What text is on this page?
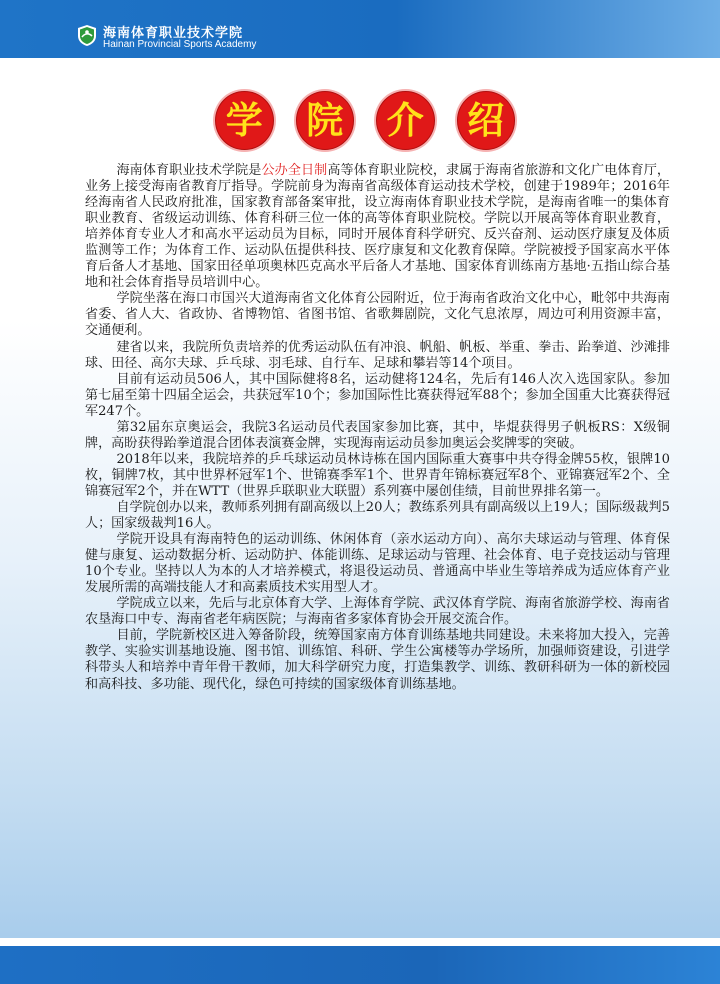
海南体育职业技术学院
Hainan Provincial Sports Academy
学 院 介 绍

海南体育职业技术学院是公办全日制高等体育职业院校，隶属于海南省旅游和文化广电体育厅，业务上接受海南省教育厅指导。学院前身为海南省高级体育运动技术学校，创建于1989年；2016年经海南省人民政府批准，国家教育部备案审批，设立海南体育职业技术学院，是海南省唯一的集体育职业教育、省级运动训练、体育科研三位一体的高等体育职业院校。学院以开展高等体育职业教育，培养体育专业人才和高水平运动员为目标，同时开展体育科学研究、反兴奋剂、运动医疗康复及体质监测等工作；为体育工作、运动队伍提供科技、医疗康复和文化教育保障。学院被授予国家高水平体育后备人才基地、国家田径单项奥林匹克高水平后备人才基地、国家体育训练南方基地·五指山综合基地和社会体育指导员培训中心。

学院坐落在海口市国兴大道海南省文化体育公园附近，位于海南省政治文化中心，毗邻中共海南省委、省人大、省政协、省博物馆、省图书馆、省歌舞剧院，文化气息浓厚，周边可利用资源丰富，交通便利。

建省以来，我院所负责培养的优秀运动队伍有冲浪、帆船、帆板、举重、拳击、跆拳道、沙滩排球、田径、高尔夫球、乒乓球、羽毛球、自行车、足球和攀岩等14个项目。

目前有运动员506人，其中国际健将8名，运动健将124名，先后有146人次入选国家队。参加第七届至第十四届全运会，共获冠军10个；参加国际性比赛获得冠军88个；参加全国重大比赛获得冠军247个。

第32届东京奥运会，我院3名运动员代表国家参加比赛，其中，毕焜获得男子帆板RS：X级铜牌，高盼获得跆拳道混合团体表演赛金牌，实现海南运动员参加奥运会奖牌零的突破。

2018年以来，我院培养的乒乓球运动员林诗栋在国内国际重大赛事中共夺得金牌55枚，银牌10枚，铜牌7枚，其中世界杯冠军1个、世锦赛季军1个、世界青年锦标赛冠军8个、亚锦赛冠军2个、全锦赛冠军2个，并在WTT（世界乒联职业大联盟）系列赛中屡创佳绩，目前世界排名第一。

自学院创办以来，教师系列拥有副高级以上20人；教练系列具有副高级以上19人；国际级裁判5人；国家级裁判16人。

学院开设具有海南特色的运动训练、休闲体育（亲水运动方向）、高尔夫球运动与管理、体育保健与康复、运动数据分析、运动防护、体能训练、足球运动与管理、社会体育、电子竞技运动与管理10个专业。坚持以人为本的人才培养模式，将退役运动员、普通高中毕业生等培养成为适应体育产业发展所需的高端技能人才和高素质技术实用型人才。

学院成立以来，先后与北京体育大学、上海体育学院、武汉体育学院、海南省旅游学校、海南省农垦海口中专、海南省老年病医院；与海南省多家体育协会开展交流合作。

目前，学院新校区进入筹备阶段，统筹国家南方体育训练基地共同建设。未来将加大投入，完善教学、实验实训基地设施、图书馆、训练馆、科研、学生公寓楼等办学场所，加强师资建设，引进学科带头人和培养中青年骨干教师，加大科学研究力度，打造集教学、训练、教研科研为一体的新校园和高科技、多功能、现代化，绿色可持续的国家级体育训练基地。
